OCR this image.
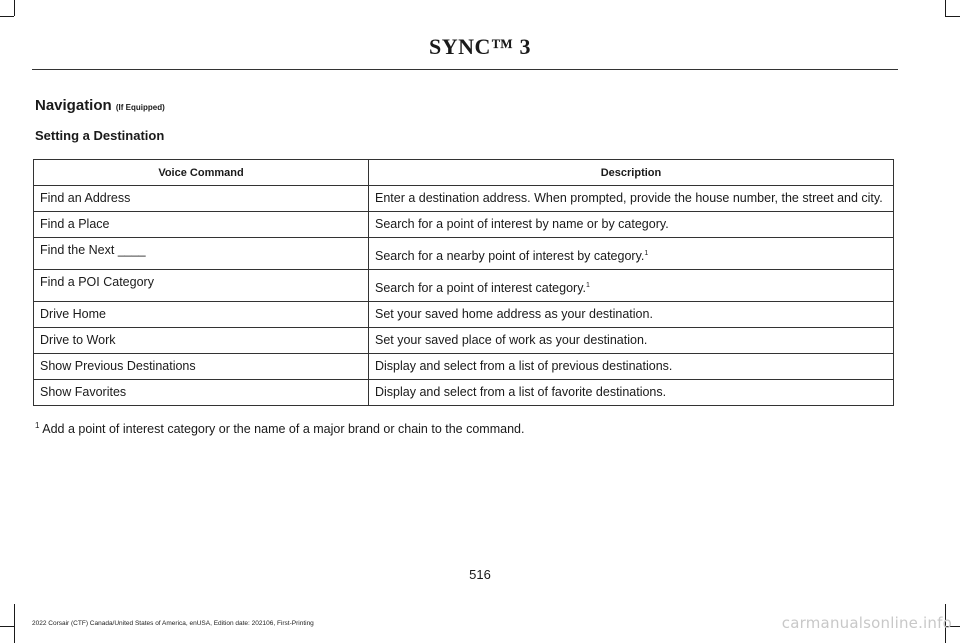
SYNC™ 3
Navigation (If Equipped)
Setting a Destination
Voice Command	Description
Find an Address	Enter a destination address. When prompted, provide the house number, the street and city.
Find a Place	Search for a point of interest by name or by category.
Find the Next ____	Search for a nearby point of interest by category.$^1$
Find a POI Category	Search for a point of interest category.$^1$
Drive Home	Set your saved home address as your destination.
Drive to Work	Set your saved place of work as your destination.
Show Previous Destinations	Display and select from a list of previous destinations.
Show Favorites	Display and select from a list of favorite destinations.
$^1$ Add a point of interest category or the name of a major brand or chain to the command.
516
2022 Corsair (CTF) Canada/United States of America, enUSA, Edition date: 202106, First-Printing	carmanualsonline.info
